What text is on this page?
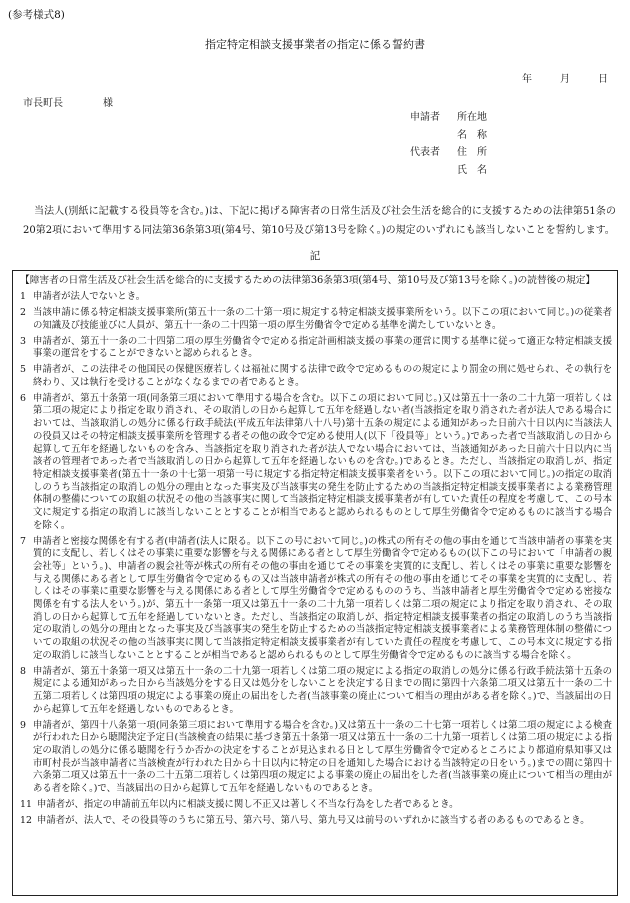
(参考様式8)
指定特定相談支援事業者の指定に係る誓約書
年	月	日
市長町長	様
申請者 所在地
名　称
代表者 住　所
氏　名
当法人(別紙に記載する役員等を含む。)は、下記に掲げる障害者の日常生活及び社会生活を総合的に支援するための法律第51条の20第2項において準用する同法第36条第3項(第4号、第10号及び第13号を除く。)の規定のいずれにも該当しないことを誓約します。
記
【障害者の日常生活及び社会生活を総合的に支援するための法律第36条第3項(第4号、第10号及び第13号を除く。)の読替後の規定】
1 申請者が法人でないとき。
2 当該申請に係る特定相談支援事業所(第五十一条の二十第一項に規定する特定相談支援事業所をいう。以下この項において同じ。)の従業者の知識及び技能並びに人員が、第五十一条の二十四第一項の厚生労働省令で定める基準を満たしていないとき。
3 申請者が、第五十一条の二十四第二項の厚生労働省令で定める指定計画相談支援の事業の運営に関する基準に従って適正な特定相談支援事業の運営をすることができないと認められるとき。
5 申請者が、この法律その他国民の保健医療若しくは福祉に関する法律で政令で定めるものの規定により罰金の刑に処せられ、その執行を終わり、又は執行を受けることがなくなるまでの者であるとき。
6 申請者が、第五十条第一項(同条第三項において準用する場合を含む。以下この項において同じ。)又は第五十一条の二十九第一項若しくは第二項の規定により指定を取り消され、その取消しの日から起算して五年を経過しない者(当該指定を取り消された者が法人である場合においては、当該取消しの処分に係る行政手続法(平成五年法律第八十八号)第十五条の規定による通知があった日前六十日以内に当該法人の役員又はその特定相談支援事業所を管理する者その他の政令で定める使用人(以下「役員等」という。)であった者で当該取消しの日から起算して五年を経過しないものを含み、当該指定を取り消された者が法人でない場合においては、当該通知があった日前六十日以内に当該者の管理者であった者で当該取消しの日から起算して五年を経過しないものを含む。)であるとき。ただし、当該指定の取消しが、指定特定相談支援事業者(第五十一条の十七第一項第一号に規定する指定特定相談支援事業者をいう。以下この項において同じ。)の指定の取消しのうち当該指定の取消しの処分の理由となった事実及び当該事実の発生を防止するための当該指定特定相談支援事業者による業務管理体制の整備についての取組の状況その他の当該事実に関して当該指定特定相談支援事業者が有していた責任の程度を考慮して、この号本文に規定する指定の取消しに該当しないこととすることが相当であると認められるものとして厚生労働省令で定めるものに該当する場合を除く。
7 申請者と密接な関係を有する者(申請者(法人に限る。以下この号において同じ。)の株式の所有その他の事由を通じて当該申請者の事業を実質的に支配し、若しくはその事業に重要な影響を与える関係にある者として厚生労働省令で定めるもの(以下この号において「申請者の親会社等」という。)、申請者の親会社等が株式の所有その他の事由を通じてその事業を実質的に支配し、若しくはその事業に重要な影響を与える関係にある者として厚生労働省令で定めるもの又は当該申請者が株式の所有その他の事由を通じてその事業を実質的に支配し、若しくはその事業に重要な影響を与える関係にある者として厚生労働省令で定めるもののうち、当該申請者と厚生労働省令で定める密接な関係を有する法人をいう。)が、第五十一条第一項又は第五十一条の二十九第一項若しくは第二項の規定により指定を取り消され、その取消しの日から起算して五年を経過していないとき。ただし、当該指定の取消しが、指定特定相談支援事業者の指定の取消しのうち当該指定の取消しの処分の理由となった事実及び当該事実の発生を防止するための当該指定特定相談支援事業者による業務管理体制の整備についての取組の状況その他の当該事実に関して当該指定特定相談支援事業者が有していた責任の程度を考慮して、この号本文に規定する指定の取消しに該当しないこととすることが相当であると認められるものとして厚生労働省令で定めるものに該当する場合を除く。
8 申請者が、第五十条第一項又は第五十一条の二十九第一項若しくは第二項の規定による指定の取消しの処分に係る行政手続法第十五条の規定による通知があった日から当該処分をする日又は処分をしないことを決定する日までの間に第四十六条第二項又は第五十一条の二十五第二項若しくは第四項の規定による事業の廃止の届出をした者(当該事業の廃止について相当の理由がある者を除く。)で、当該届出の日から起算して五年を経過しないものであるとき。
9 申請者が、第四十八条第一項(同条第三項において準用する場合を含む。)又は第五十一条の二十七第一項若しくは第二項の規定による検査が行われた日から聴聞決定予定日(当該検査の結果に基づき第五十条第一項又は第五十一条の二十九第一項若しくは第二項の規定による指定の取消しの処分に係る聴聞を行うか否かの決定をすることが見込まれる日として厚生労働省令で定めるところにより都道府県知事又は市町村長が当該申請者に当該検査が行われた日から十日以内に特定の日を通知した場合における当該特定の日をいう。)までの間に第四十六条第二項又は第五十一条の二十五第二項若しくは第四項の規定による事業の廃止の届出をした者(当該事業の廃止について相当の理由がある者を除く。)で、当該届出の日から起算して五年を経過しないものであるとき。
11 申請者が、指定の申請前五年以内に相談支援に関し不正又は著しく不当な行為をした者であるとき。
12 申請者が、法人で、その役員等のうちに第五号、第六号、第八号、第九号又は前号のいずれかに該当する者のあるものであるとき。
